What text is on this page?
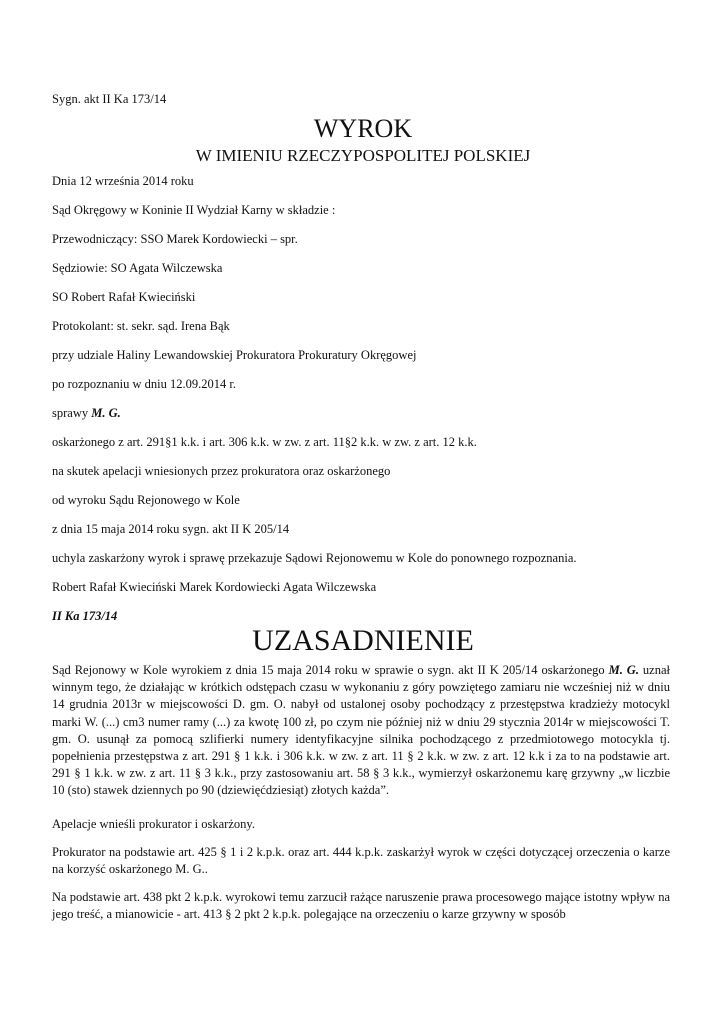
Sygn. akt II Ka 173/14
WYROK
W IMIENIU RZECZYPOSPOLITEJ POLSKIEJ
Dnia 12 września 2014 roku
Sąd Okręgowy w Koninie II Wydział Karny w składzie :
Przewodniczący: SSO Marek Kordowiecki – spr.
Sędziowie: SO Agata Wilczewska
SO Robert Rafał Kwieciński
Protokolant: st. sekr. sąd. Irena Bąk
przy udziale Haliny Lewandowskiej Prokuratora Prokuratury Okręgowej
po rozpoznaniu w dniu 12.09.2014 r.
sprawy M. G.
oskarżonego z art. 291§1 k.k. i art. 306 k.k. w zw. z art. 11§2 k.k. w zw. z art. 12 k.k.
na skutek apelacji wniesionych przez prokuratora oraz oskarżonego
od wyroku Sądu Rejonowego w Kole
z dnia 15 maja 2014 roku sygn. akt II K 205/14
uchyla zaskarżony wyrok i sprawę przekazuje Sądowi Rejonowemu w Kole do ponownego rozpoznania.
Robert Rafał Kwieciński Marek Kordowiecki Agata Wilczewska
II Ka 173/14
UZASADNIENIE
Sąd Rejonowy w Kole wyrokiem z dnia 15 maja 2014 roku w sprawie o sygn. akt II K 205/14 oskarżonego M. G. uznał winnym tego, że działając w krótkich odstępach czasu w wykonaniu z góry powziętego zamiaru nie wcześniej niż w dniu 14 grudnia 2013r w miejscowości D. gm. O. nabył od ustalonej osoby pochodzący z przestępstwa kradzieży motocykl marki W. (...) cm3 numer ramy (...) za kwotę 100 zł, po czym nie później niż w dniu 29 stycznia 2014r w miejscowości T. gm. O. usunął za pomocą szlifierki numery identyfikacyjne silnika pochodzącego z przedmiotowego motocykla tj. popełnienia przestępstwa z art. 291 § 1 k.k. i 306 k.k. w zw. z art. 11 § 2 k.k. w zw. z art. 12 k.k i za to na podstawie art. 291 § 1 k.k. w zw. z art. 11 § 3 k.k., przy zastosowaniu art. 58 § 3 k.k., wymierzył oskarżonemu karę grzywny „w liczbie 10 (sto) stawek dziennych po 90 (dziewięćdziesiąt) złotych każda”.
Apelacje wnieśli prokurator i oskarżony.
Prokurator na podstawie art. 425 § 1 i 2 k.p.k. oraz art. 444 k.p.k. zaskarżył wyrok w części dotyczącej orzeczenia o karze na korzyść oskarżonego M. G..
Na podstawie art. 438 pkt 2 k.p.k. wyrokowi temu zarzucił rażące naruszenie prawa procesowego mające istotny wpływ na jego treść, a mianowicie - art. 413 § 2 pkt 2 k.p.k. polegające na orzeczeniu o karze grzywny w sposób
